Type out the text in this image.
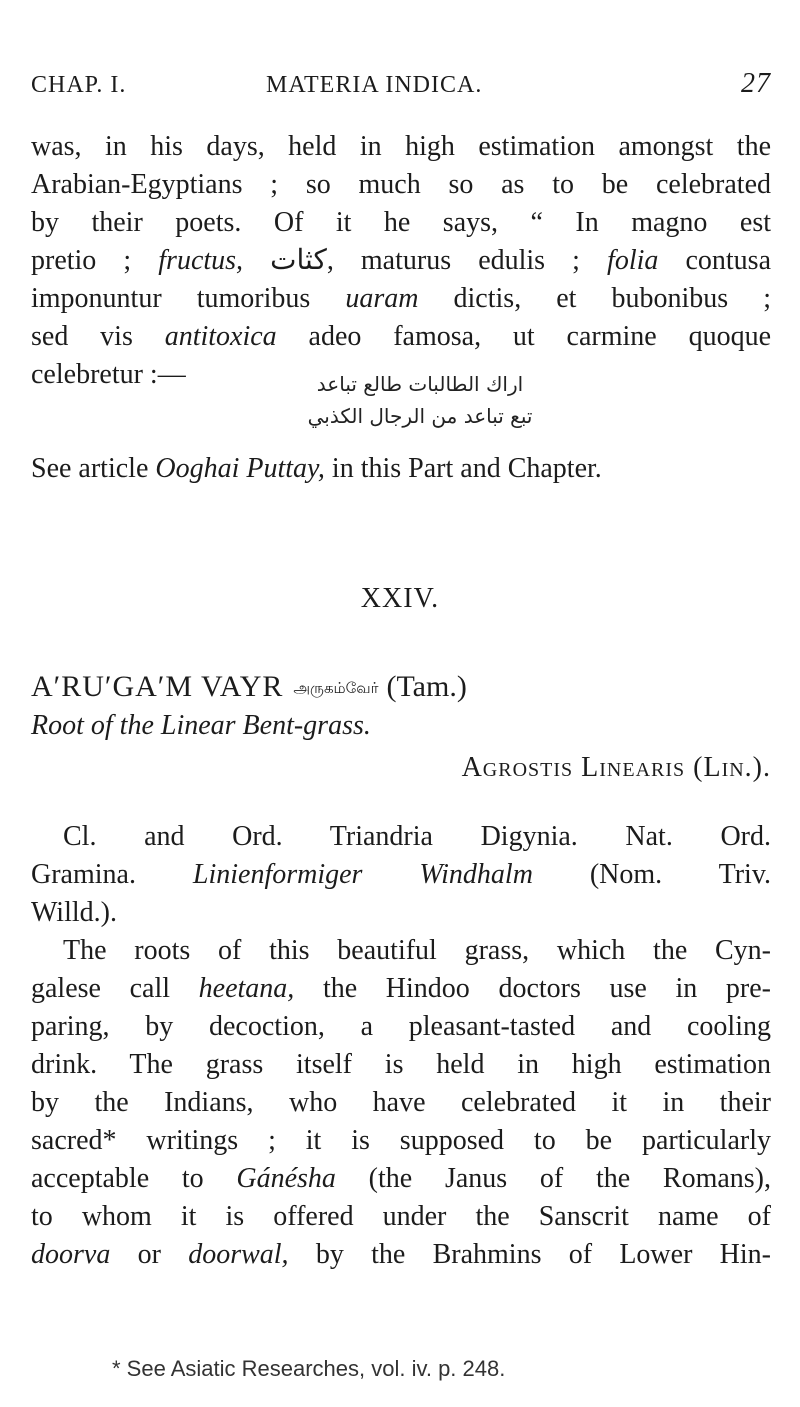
CHAP. I.	MATERIA INDICA.	27
was, in his days, held in high estimation amongst the
Arabian-Egyptians ; so much so as to be celebrated
by their poets. Of it he says, “ In magno est
pretio ; fructus, كثات, maturus edulis ; folia contusa
imponuntur tumoribus uaram dictis, et bubonibus ;
sed vis antitoxica adeo famosa, ut carmine quoque
celebretur :—	اراك الطالبات طالع تباعد
تبع تباعد من الرجال الكذبي
See article Ooghai Puttay, in this Part and Chapter.
XXIV.
A′RU′GA′M VAYR அருகம்வேர் (Tam.)
Root of the Linear Bent-grass.
Agrostis Linearis (Lin.).
Cl. and Ord. Triandria Digynia. Nat. Ord.
Gramina. Linienformiger Windhalm (Nom. Triv.
Willd.).
The roots of this beautiful grass, which the Cyn-
galese call heetana, the Hindoo doctors use in pre-
paring, by decoction, a pleasant-tasted and cooling
drink. The grass itself is held in high estimation
by the Indians, who have celebrated it in their
sacred* writings ; it is supposed to be particularly
acceptable to Gánésha (the Janus of the Romans),
to whom it is offered under the Sanscrit name of
doorva or doorwal, by the Brahmins of Lower Hin-
* See Asiatic Researches, vol. iv. p. 248.
